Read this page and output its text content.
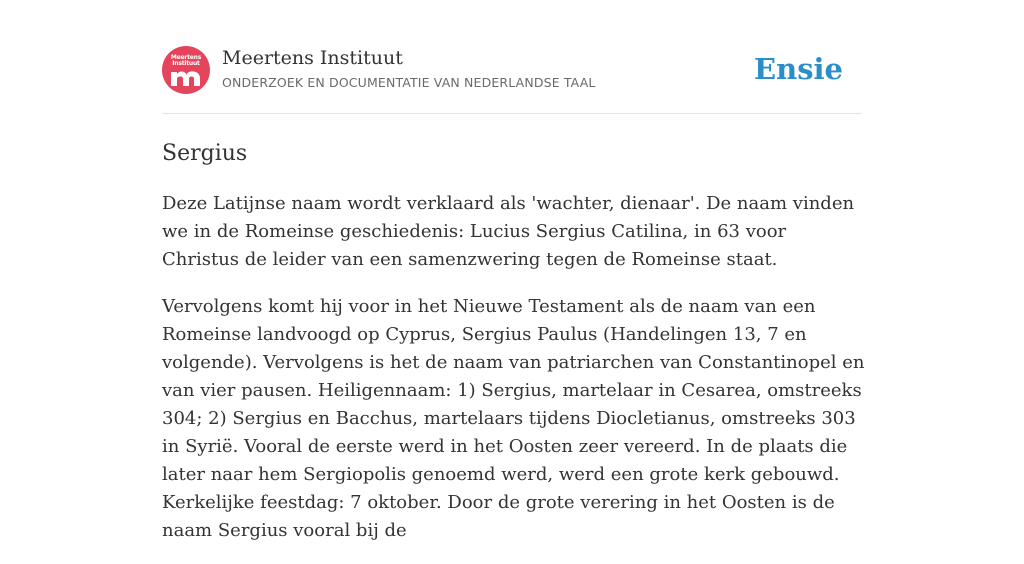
Meertens
Instituut	Meertens Instituut
ONDERZOEK EN DOCUMENTATIE VAN NEDERLANDSE TAAL	Ensie
Sergius

Deze Latijnse naam wordt verklaard als 'wachter, dienaar'. De naam vinden we in de Romeinse geschiedenis: Lucius Sergius Catilina, in 63 voor Christus de leider van een samenzwering tegen de Romeinse staat.

Vervolgens komt hij voor in het Nieuwe Testament als de naam van een Romeinse landvoogd op Cyprus, Sergius Paulus (Handelingen 13, 7 en volgende). Vervolgens is het de naam van patriarchen van Constantinopel en van vier pausen. Heiligennaam: 1) Sergius, martelaar in Cesarea, omstreeks 304; 2) Sergius en Bacchus, martelaars tijdens Diocletianus, omstreeks 303 in Syrië. Vooral de eerste werd in het Oosten zeer vereerd. In de plaats die later naar hem Sergiopolis genoemd werd, werd een grote kerk gebouwd. Kerkelijke feestdag: 7 oktober. Door de grote verering in het Oosten is de naam Sergius vooral bij de
